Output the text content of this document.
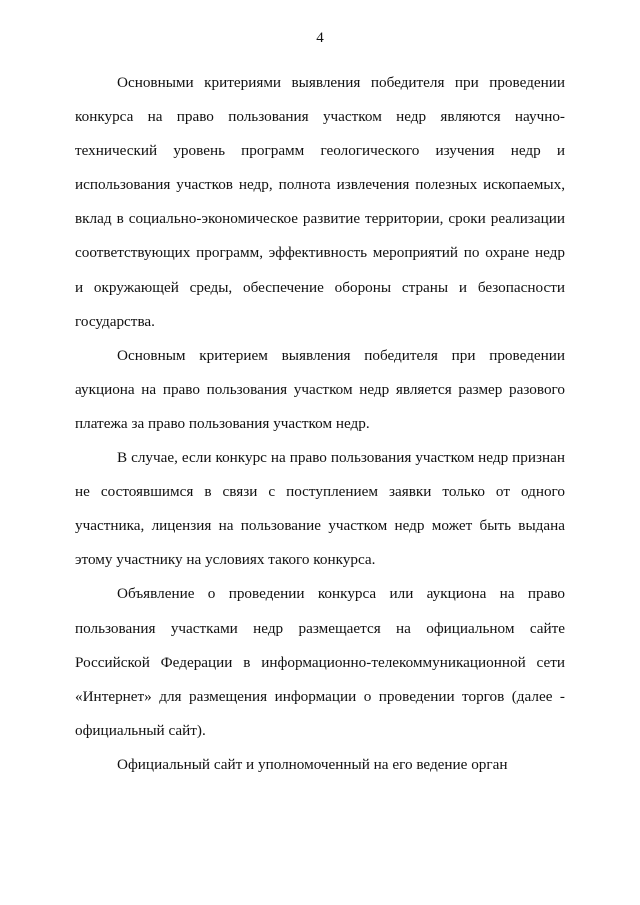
4

Основными критериями выявления победителя при проведении конкурса на право пользования участком недр являются научно-технический уровень программ геологического изучения недр и использования участков недр, полнота извлечения полезных ископаемых, вклад в социально-экономическое развитие территории, сроки реализации соответствующих программ, эффективность мероприятий по охране недр и окружающей среды, обеспечение обороны страны и безопасности государства.

Основным критерием выявления победителя при проведении аукциона на право пользования участком недр является размер разового платежа за право пользования участком недр.

В случае, если конкурс на право пользования участком недр признан не состоявшимся в связи с поступлением заявки только от одного участника, лицензия на пользование участком недр может быть выдана этому участнику на условиях такого конкурса.

Объявление о проведении конкурса или аукциона на право пользования участками недр размещается на официальном сайте Российской Федерации в информационно-телекоммуникационной сети «Интернет» для размещения информации о проведении торгов (далее - официальный сайт).

Официальный сайт и уполномоченный на его ведение орган
